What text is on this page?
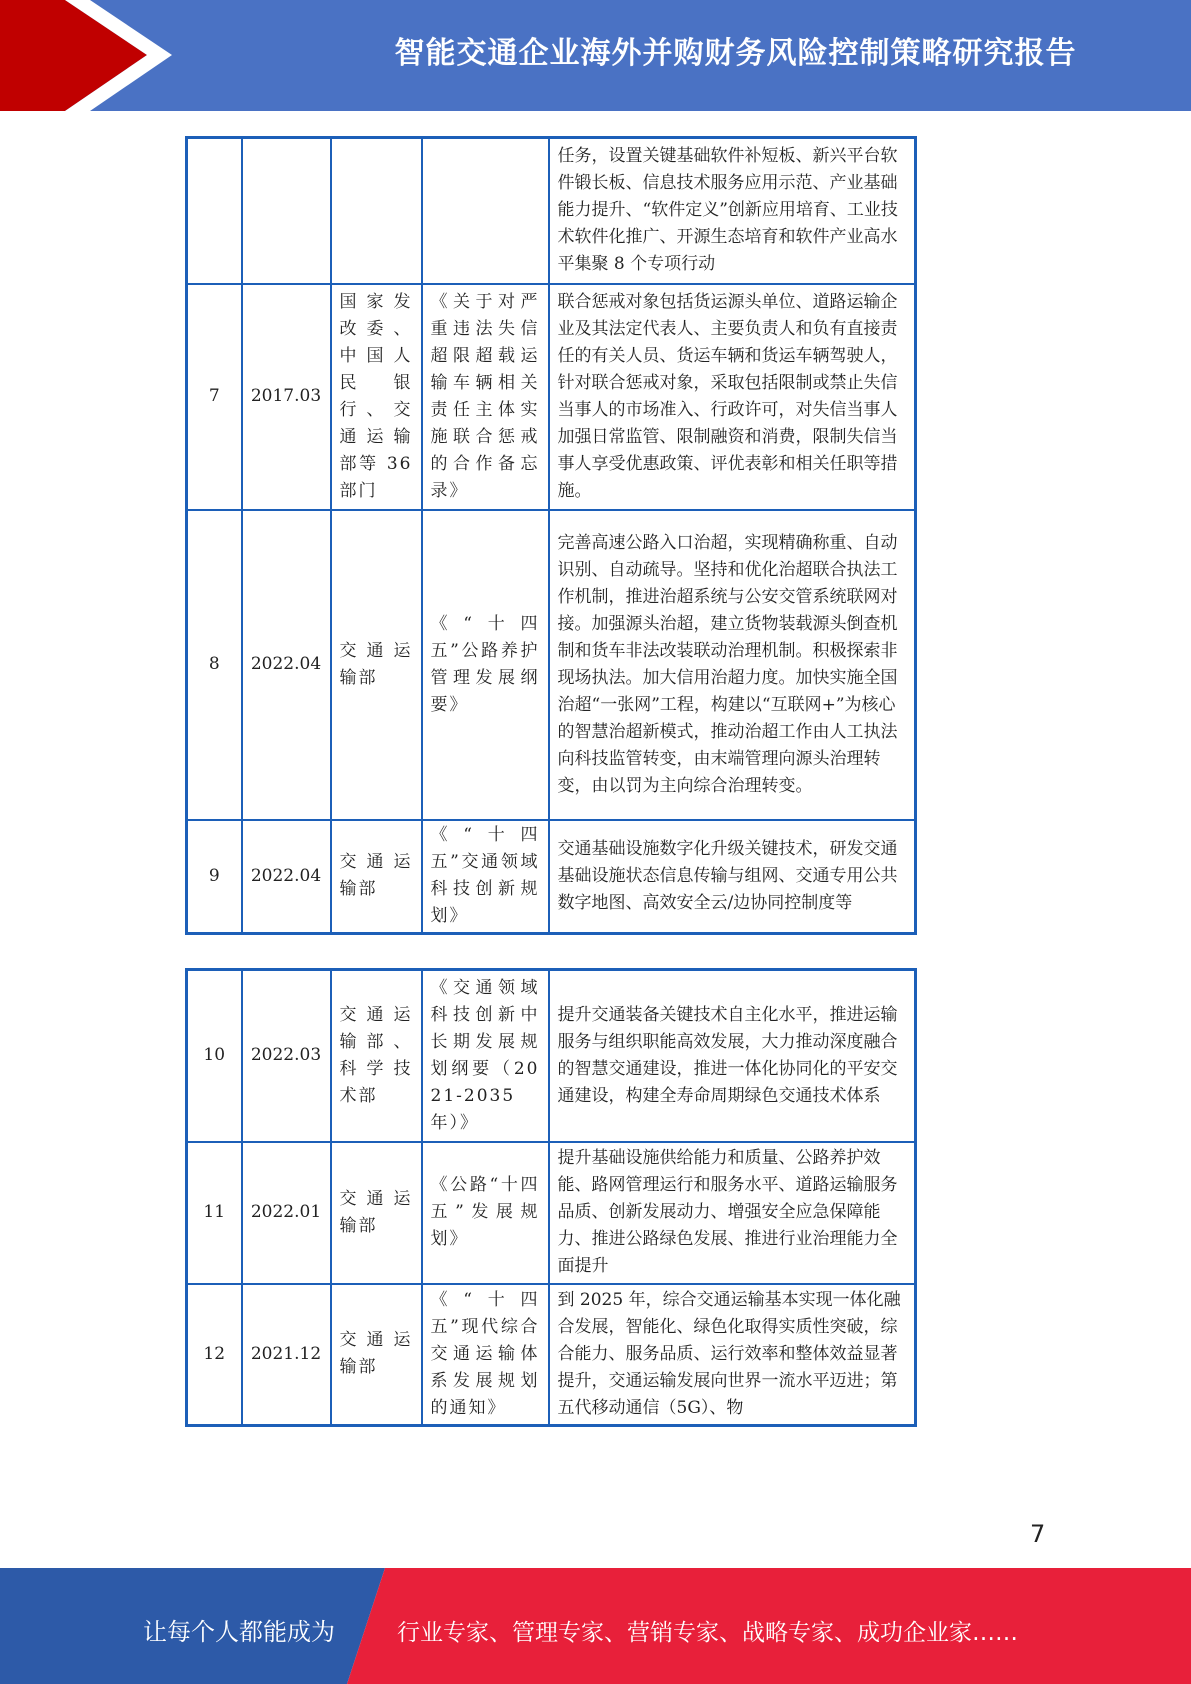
智能交通企业海外并购财务风险控制策略研究报告
				任务，设置关键基础软件补短板、新兴平台软件锻长板、信息技术服务应用示范、产业基础能力提升、“软件定义”创新应用培育、工业技术软件化推广、开源生态培育和软件产业高水平集聚 8 个专项行动
7	2017.03	国家发改委、中国人民银行、交通运输部等 36 部门	《关于对严重违法失信超限超载运输车辆相关责任主体实施联合惩戒的合作备忘录》	联合惩戒对象包括货运源头单位、道路运输企业及其法定代表人、主要负责人和负有直接责任的有关人员、货运车辆和货运车辆驾驶人，针对联合惩戒对象，采取包括限制或禁止失信当事人的市场准入、行政许可，对失信当事人加强日常监管、限制融资和消费，限制失信当事人享受优惠政策、评优表彰和相关任职等措施。
8	2022.04	交通运输部	《“十四五”公路养护管理发展纲要》	完善高速公路入口治超，实现精确称重、自动识别、自动疏导。坚持和优化治超联合执法工作机制，推进治超系统与公安交管系统联网对接。加强源头治超，建立货物装载源头倒查机制和货车非法改装联动治理机制。积极探索非现场执法。加大信用治超力度。加快实施全国治超“一张网”工程，构建以“互联网+”为核心的智慧治超新模式，推动治超工作由人工执法向科技监管转变，由末端管理向源头治理转变，由以罚为主向综合治理转变。
9	2022.04	交通运输部	《“十四五”交通领域科技创新规划》	交通基础设施数字化升级关键技术，研发交通基础设施状态信息传输与组网、交通专用公共数字地图、高效安全云/边协同控制度等
10	2022.03	交通运输部、科学技术部	《交通领域科技创新中长期发展规划纲要（2021-2035年）》	提升交通装备关键技术自主化水平，推进运输服务与组织职能高效发展，大力推动深度融合的智慧交通建设，推进一体化协同化的平安交通建设，构建全寿命周期绿色交通技术体系
11	2022.01	交通运输部	《公路“十四五”发展规划》	提升基础设施供给能力和质量、公路养护效能、路网管理运行和服务水平、道路运输服务品质、创新发展动力、增强安全应急保障能力、推进公路绿色发展、推进行业治理能力全面提升
12	2021.12	交通运输部	《“十四五”现代综合交通运输体系发展规划的通知》	到 2025 年，综合交通运输基本实现一体化融合发展，智能化、绿色化取得实质性突破，综合能力、服务品质、运行效率和整体效益显著提升，交通运输发展向世界一流水平迈进；第五代移动通信（5G）、物
7
让每个人都能成为	行业专家、管理专家、营销专家、战略专家、成功企业家……
